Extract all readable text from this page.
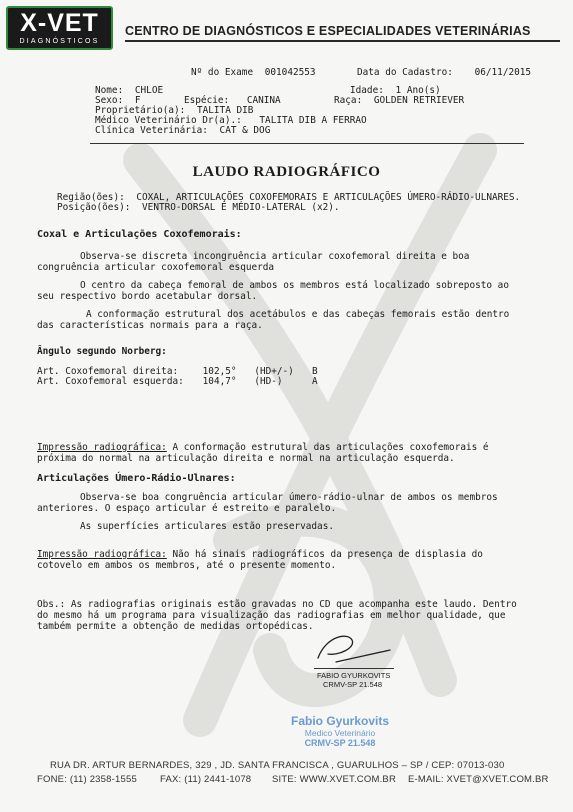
X-VET
DIAGNÓSTICOS
CENTRO DE DIAGNÓSTICOS E ESPECIALIDADES VETERINÁRIAS
Nº do Exame 001042553	Data do Cadastro: 06/11/2015
Nome: CHLOE	Idade: 1 Ano(s)
Sexo: F	Espécie: CANINA	Raça: GOLDEN RETRIEVER
Proprietário(a): TALITA DIB
Médico Veterinário Dr(a).: TALITA DIB A FERRAO
Clínica Veterinária: CAT & DOG
LAUDO RADIOGRÁFICO
Região(ões): COXAL, ARTICULAÇÕES COXOFEMORAIS E ARTICULAÇÕES ÚMERO-RÁDIO-ULNARES.
Posição(ões): VENTRO-DORSAL E MÉDIO-LATERAL (x2).
Coxal e Articulações Coxofemorais:
Observa-se discreta incongruência articular coxofemoral direita e boa
congruência articular coxofemoral esquerda
O centro da cabeça femoral de ambos os membros está localizado sobreposto ao
seu respectivo bordo acetabular dorsal.
A conformação estrutural dos acetábulos e das cabeças femorais estão dentro
das características normais para a raça.
Ângulo segundo Norberg:
Art. Coxofemoral direita:	102,5° (HD+/-) B
Art. Coxofemoral esquerda: 104,7° (HD-)	A
Impressão radiográfica: A conformação estrutural das articulações coxofemorais é
próxima do normal na articulação direita e normal na articulação esquerda.
Articulações Úmero-Rádio-Ulnares:
Observa-se boa congruência articular úmero-rádio-ulnar de ambos os membros
anteriores. O espaço articular é estreito e paralelo.
As superfícies articulares estão preservadas.
Impressão radiográfica: Não há sinais radiográficos da presença de displasia do
cotovelo em ambos os membros, até o presente momento.
Obs.: As radiografias originais estão gravadas no CD que acompanha este laudo. Dentro
do mesmo há um programa para visualização das radiografias em melhor qualidade, que
também permite a obtenção de medidas ortopédicas.
FABIO GYURKOVITS
CRMV-SP 21.548
Fabio Gyurkovits
Medico Veterinário
CRMV-SP 21.548
RUA DR. ARTUR BERNARDES, 329 , JD. SANTA FRANCISCA , GUARULHOS – SP / CEP: 07013-030
FONE: (11) 2358-1555 FAX: (11) 2441-1078 SITE: WWW.XVET.COM.BR E-MAIL: XVET@XVET.COM.BR
